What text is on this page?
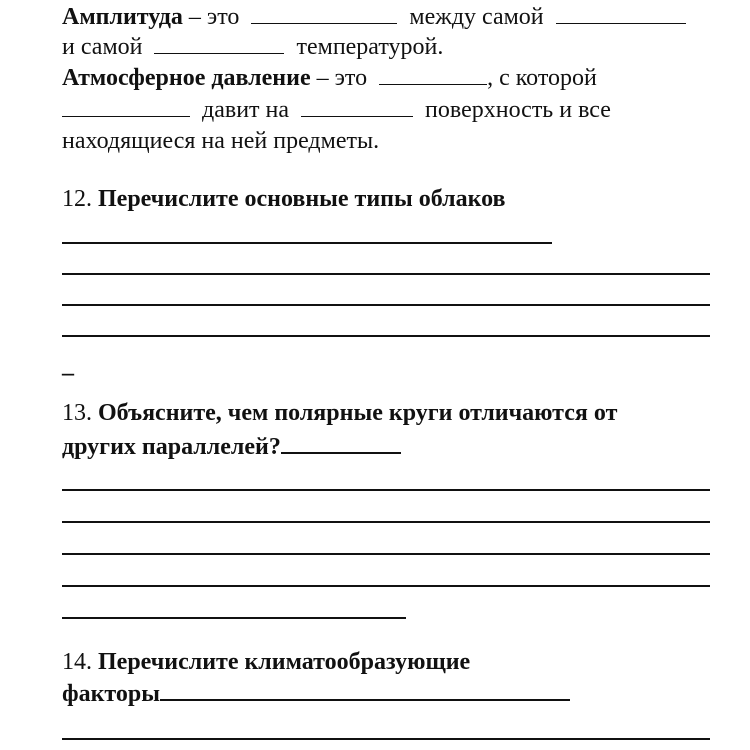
Амплитуда – это	между самой
и самой	температурой.
Атмосферное давление – это	, с которой
давит на	поверхность и все
находящиеся на ней предметы.
12. Перечислите основные типы облаков
_
13. Объясните, чем полярные круги отличаются от
других параллелей?
14. Перечислите климатообразующие
факторы
